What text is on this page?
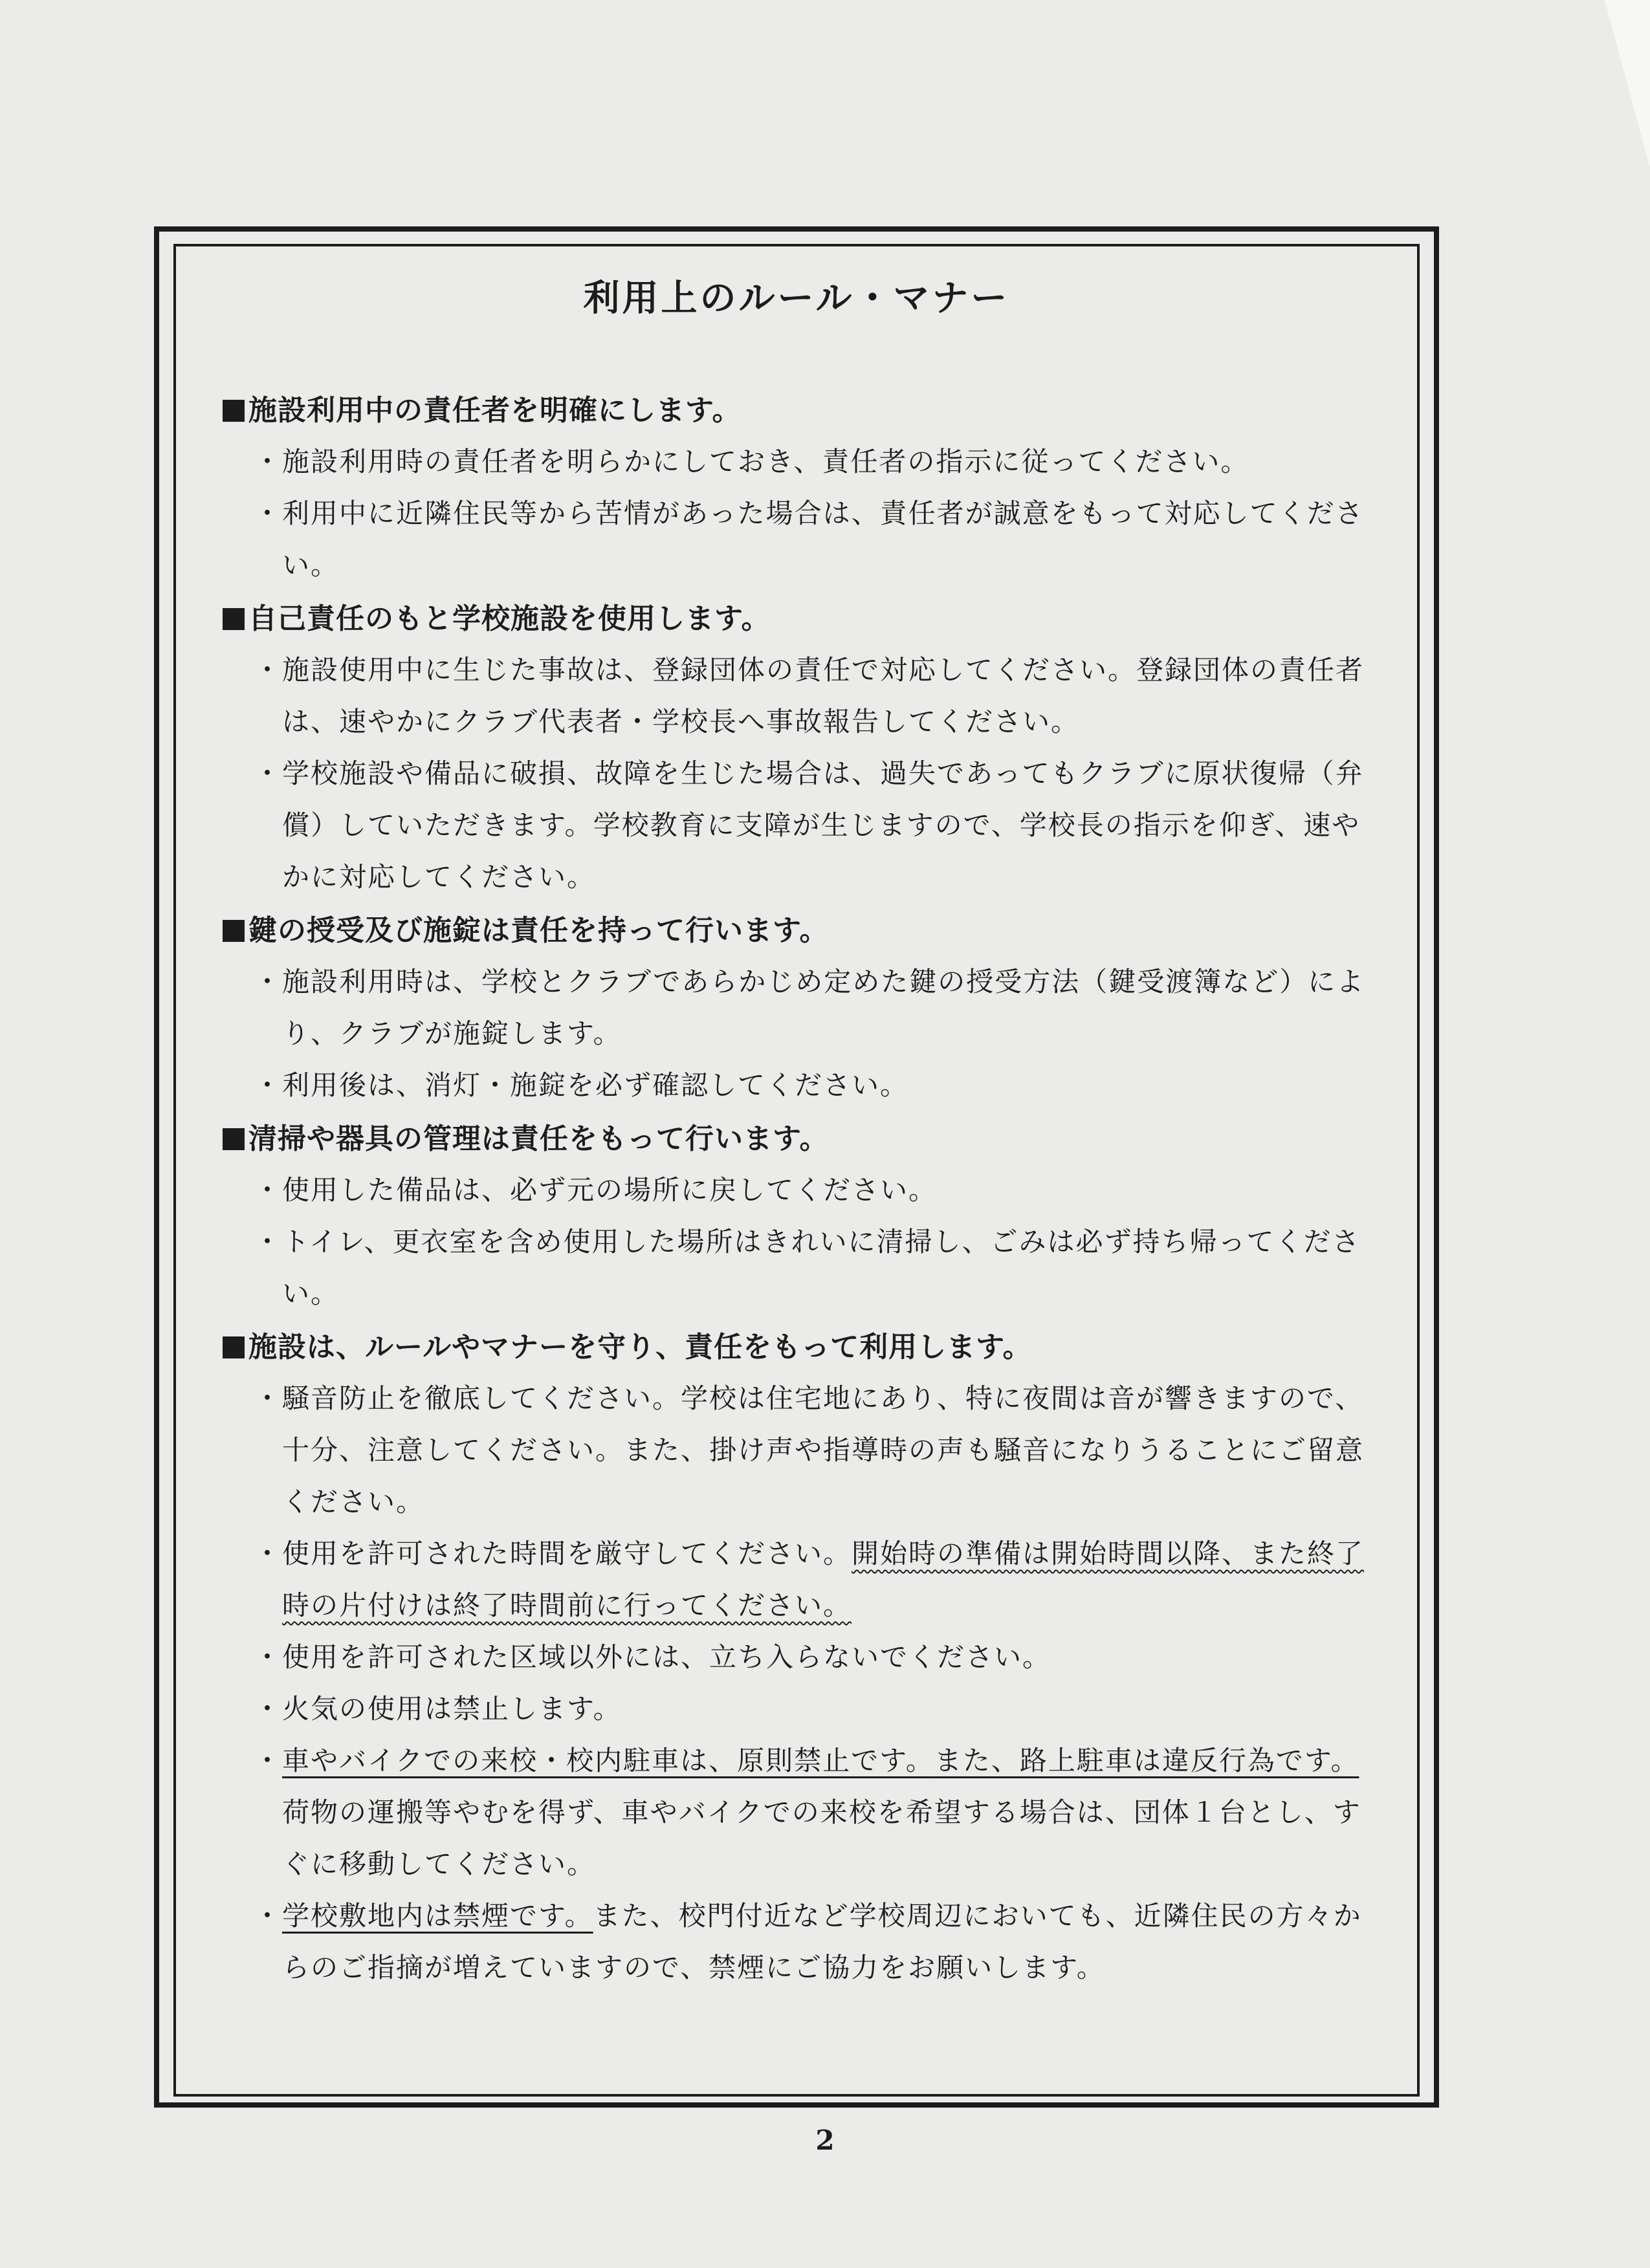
利用上のルール・マナー
施設利用中の責任者を明確にします。
・ 施設利用時の責任者を明らかにしておき、責任者の指示に従ってください。
・ 利用中に近隣住民等から苦情があった場合は、責任者が誠意をもって対応してください。
自己責任のもと学校施設を使用します。
・ 施設使用中に生じた事故は、登録団体の責任で対応してください。登録団体の責任者は、速やかにクラブ代表者・学校長へ事故報告してください。
・ 学校施設や備品に破損、故障を生じた場合は、過失であってもクラブに原状復帰（弁償）していただきます。学校教育に支障が生じますので、学校長の指示を仰ぎ、速やかに対応してください。
鍵の授受及び施錠は責任を持って行います。
・ 施設利用時は、学校とクラブであらかじめ定めた鍵の授受方法（鍵受渡簿など）により、クラブが施錠します。
・ 利用後は、消灯・施錠を必ず確認してください。
清掃や器具の管理は責任をもって行います。
・ 使用した備品は、必ず元の場所に戻してください。
・ トイレ、更衣室を含め使用した場所はきれいに清掃し、ごみは必ず持ち帰ってください。
施設は、ルールやマナーを守り、責任をもって利用します。
・ 騒音防止を徹底してください。学校は住宅地にあり、特に夜間は音が響きますので、十分、注意してください。また、掛け声や指導時の声も騒音になりうることにご留意ください。
・ 使用を許可された時間を厳守してください。開始時の準備は開始時間以降、また終了時の片付けは終了時間前に行ってください。
・ 使用を許可された区域以外には、立ち入らないでください。
・ 火気の使用は禁止します。
・ 車やバイクでの来校・校内駐車は、原則禁止です。また、路上駐車は違反行為です。荷物の運搬等やむを得ず、車やバイクでの来校を希望する場合は、団体１台とし、すぐに移動してください。
・ 学校敷地内は禁煙です。また、校門付近など学校周辺においても、近隣住民の方々からのご指摘が増えていますので、禁煙にご協力をお願いします。
2
